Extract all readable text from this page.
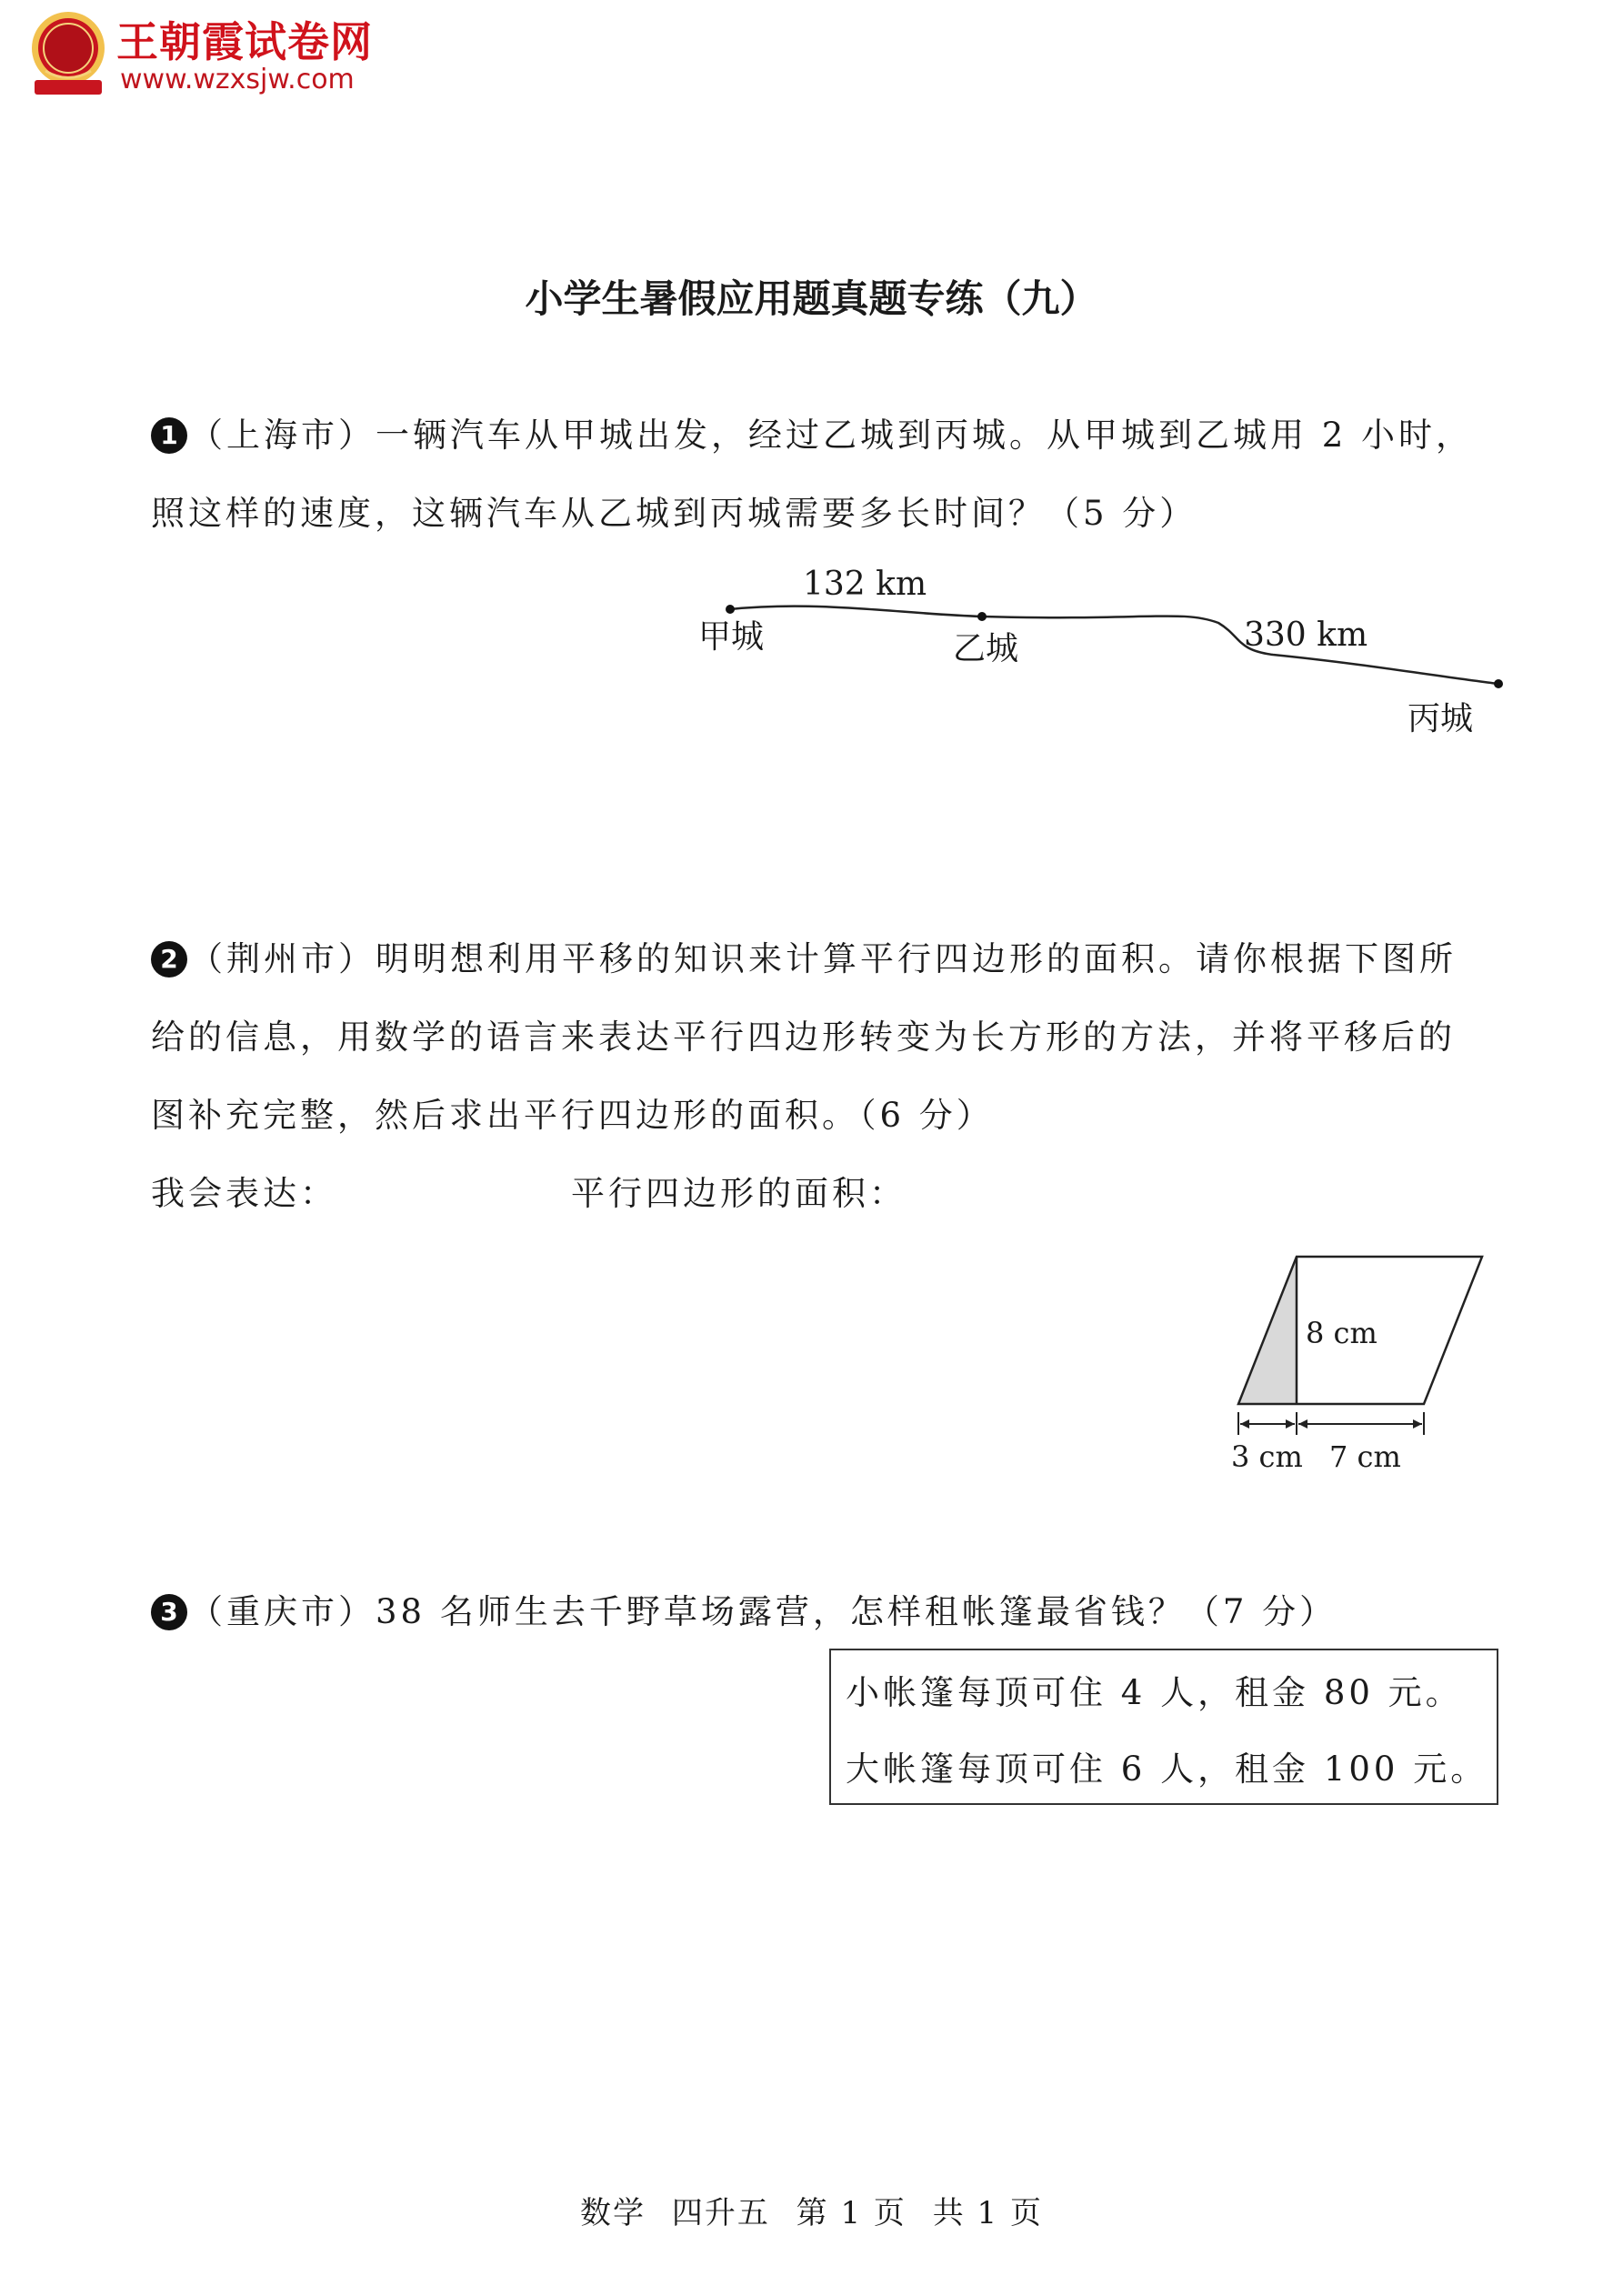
王朝霞试卷网
www.wzxsjw.com
小学生暑假应用题真题专练（九）
1 （上海市）一辆汽车从甲城出发，经过乙城到丙城。从甲城到乙城用 2 小时，照这样的速度，这辆汽车从乙城到丙城需要多长时间？（5 分）
132 km
330 km
甲城	乙城
丙城
2 （荆州市）明明想利用平移的知识来计算平行四边形的面积。请你根据下图所给的信息，用数学的语言来表达平行四边形转变为长方形的方法，并将平移后的图补充完整，然后求出平行四边形的面积。（6 分）
我会表达：	平行四边形的面积：
8 cm
3 cm 7 cm
3 （重庆市）38 名师生去千野草场露营，怎样租帐篷最省钱？（7 分）
小帐篷每顶可住 4 人，租金 80 元。
大帐篷每顶可住 6 人，租金 100 元。
数学 四升五 第 1 页 共 1 页
